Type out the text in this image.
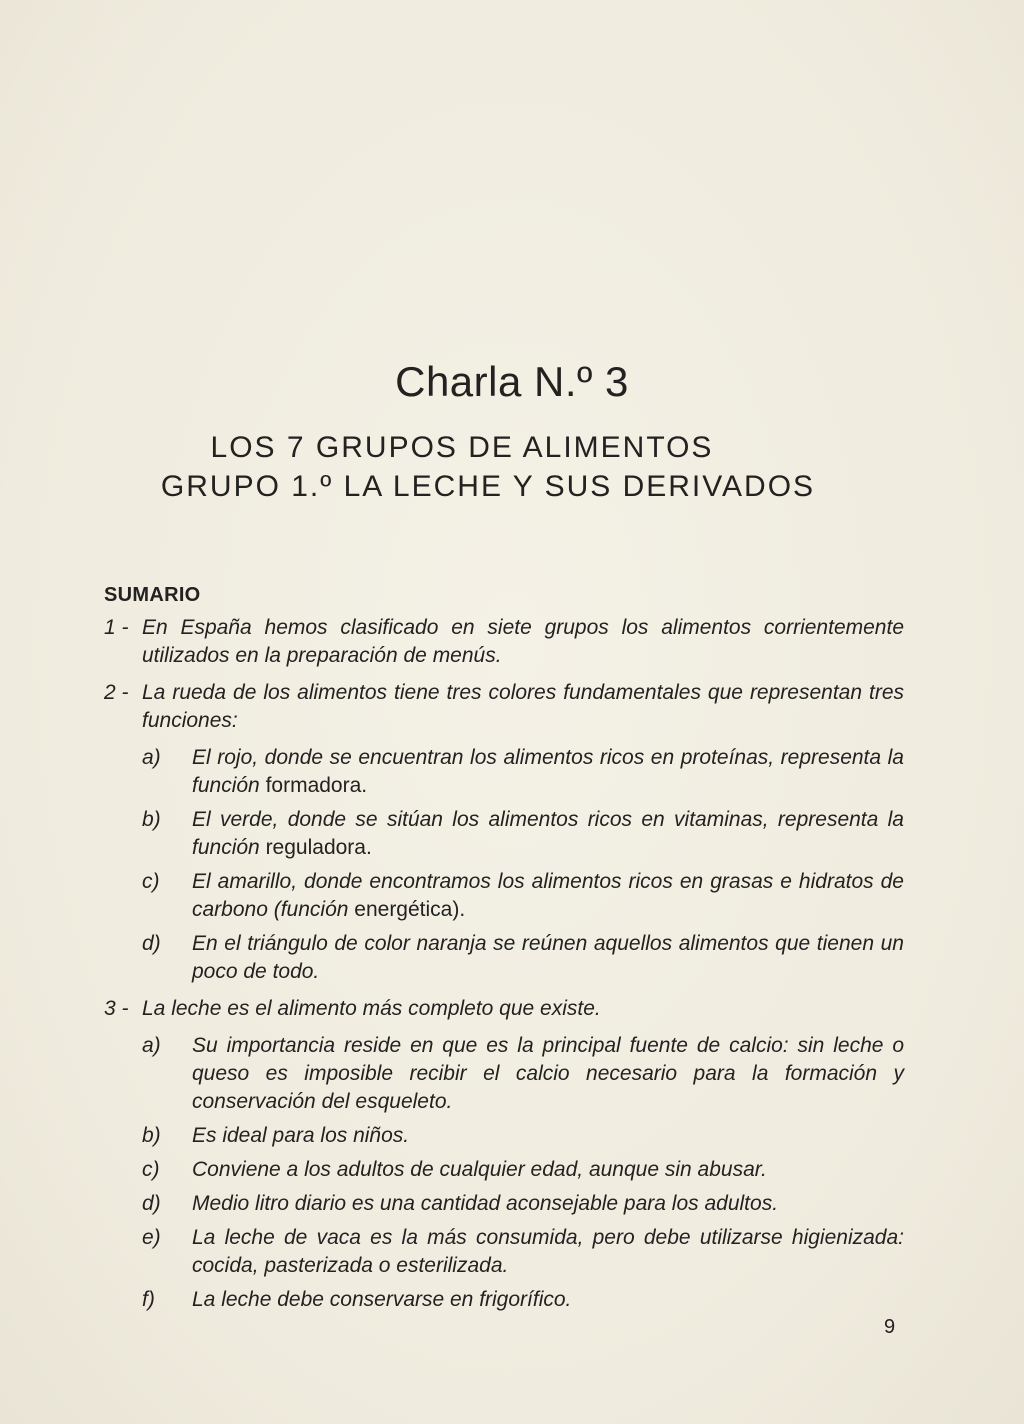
Charla N.º 3
LOS 7 GRUPOS DE ALIMENTOS
GRUPO 1.º LA LECHE Y SUS DERIVADOS
SUMARIO
1 - En España hemos clasificado en siete grupos los alimentos corrientemente utilizados en la preparación de menús.
2 - La rueda de los alimentos tiene tres colores fundamentales que representan tres funciones:
a)	El rojo, donde se encuentran los alimentos ricos en proteínas, representa la función formadora.
b)	El verde, donde se sitúan los alimentos ricos en vitaminas, representa la función reguladora.
c)	El amarillo, donde encontramos los alimentos ricos en grasas e hidratos de carbono (función energética).
d)	En el triángulo de color naranja se reúnen aquellos alimentos que tienen un poco de todo.
3 - La leche es el alimento más completo que existe.
a)	Su importancia reside en que es la principal fuente de calcio: sin leche o queso es imposible recibir el calcio necesario para la formación y conservación del esqueleto.
b)	Es ideal para los niños.
c)	Conviene a los adultos de cualquier edad, aunque sin abusar.
d)	Medio litro diario es una cantidad aconsejable para los adultos.
e)	La leche de vaca es la más consumida, pero debe utilizarse higienizada: cocida, pasterizada o esterilizada.
f)	La leche debe conservarse en frigorífico.

9
